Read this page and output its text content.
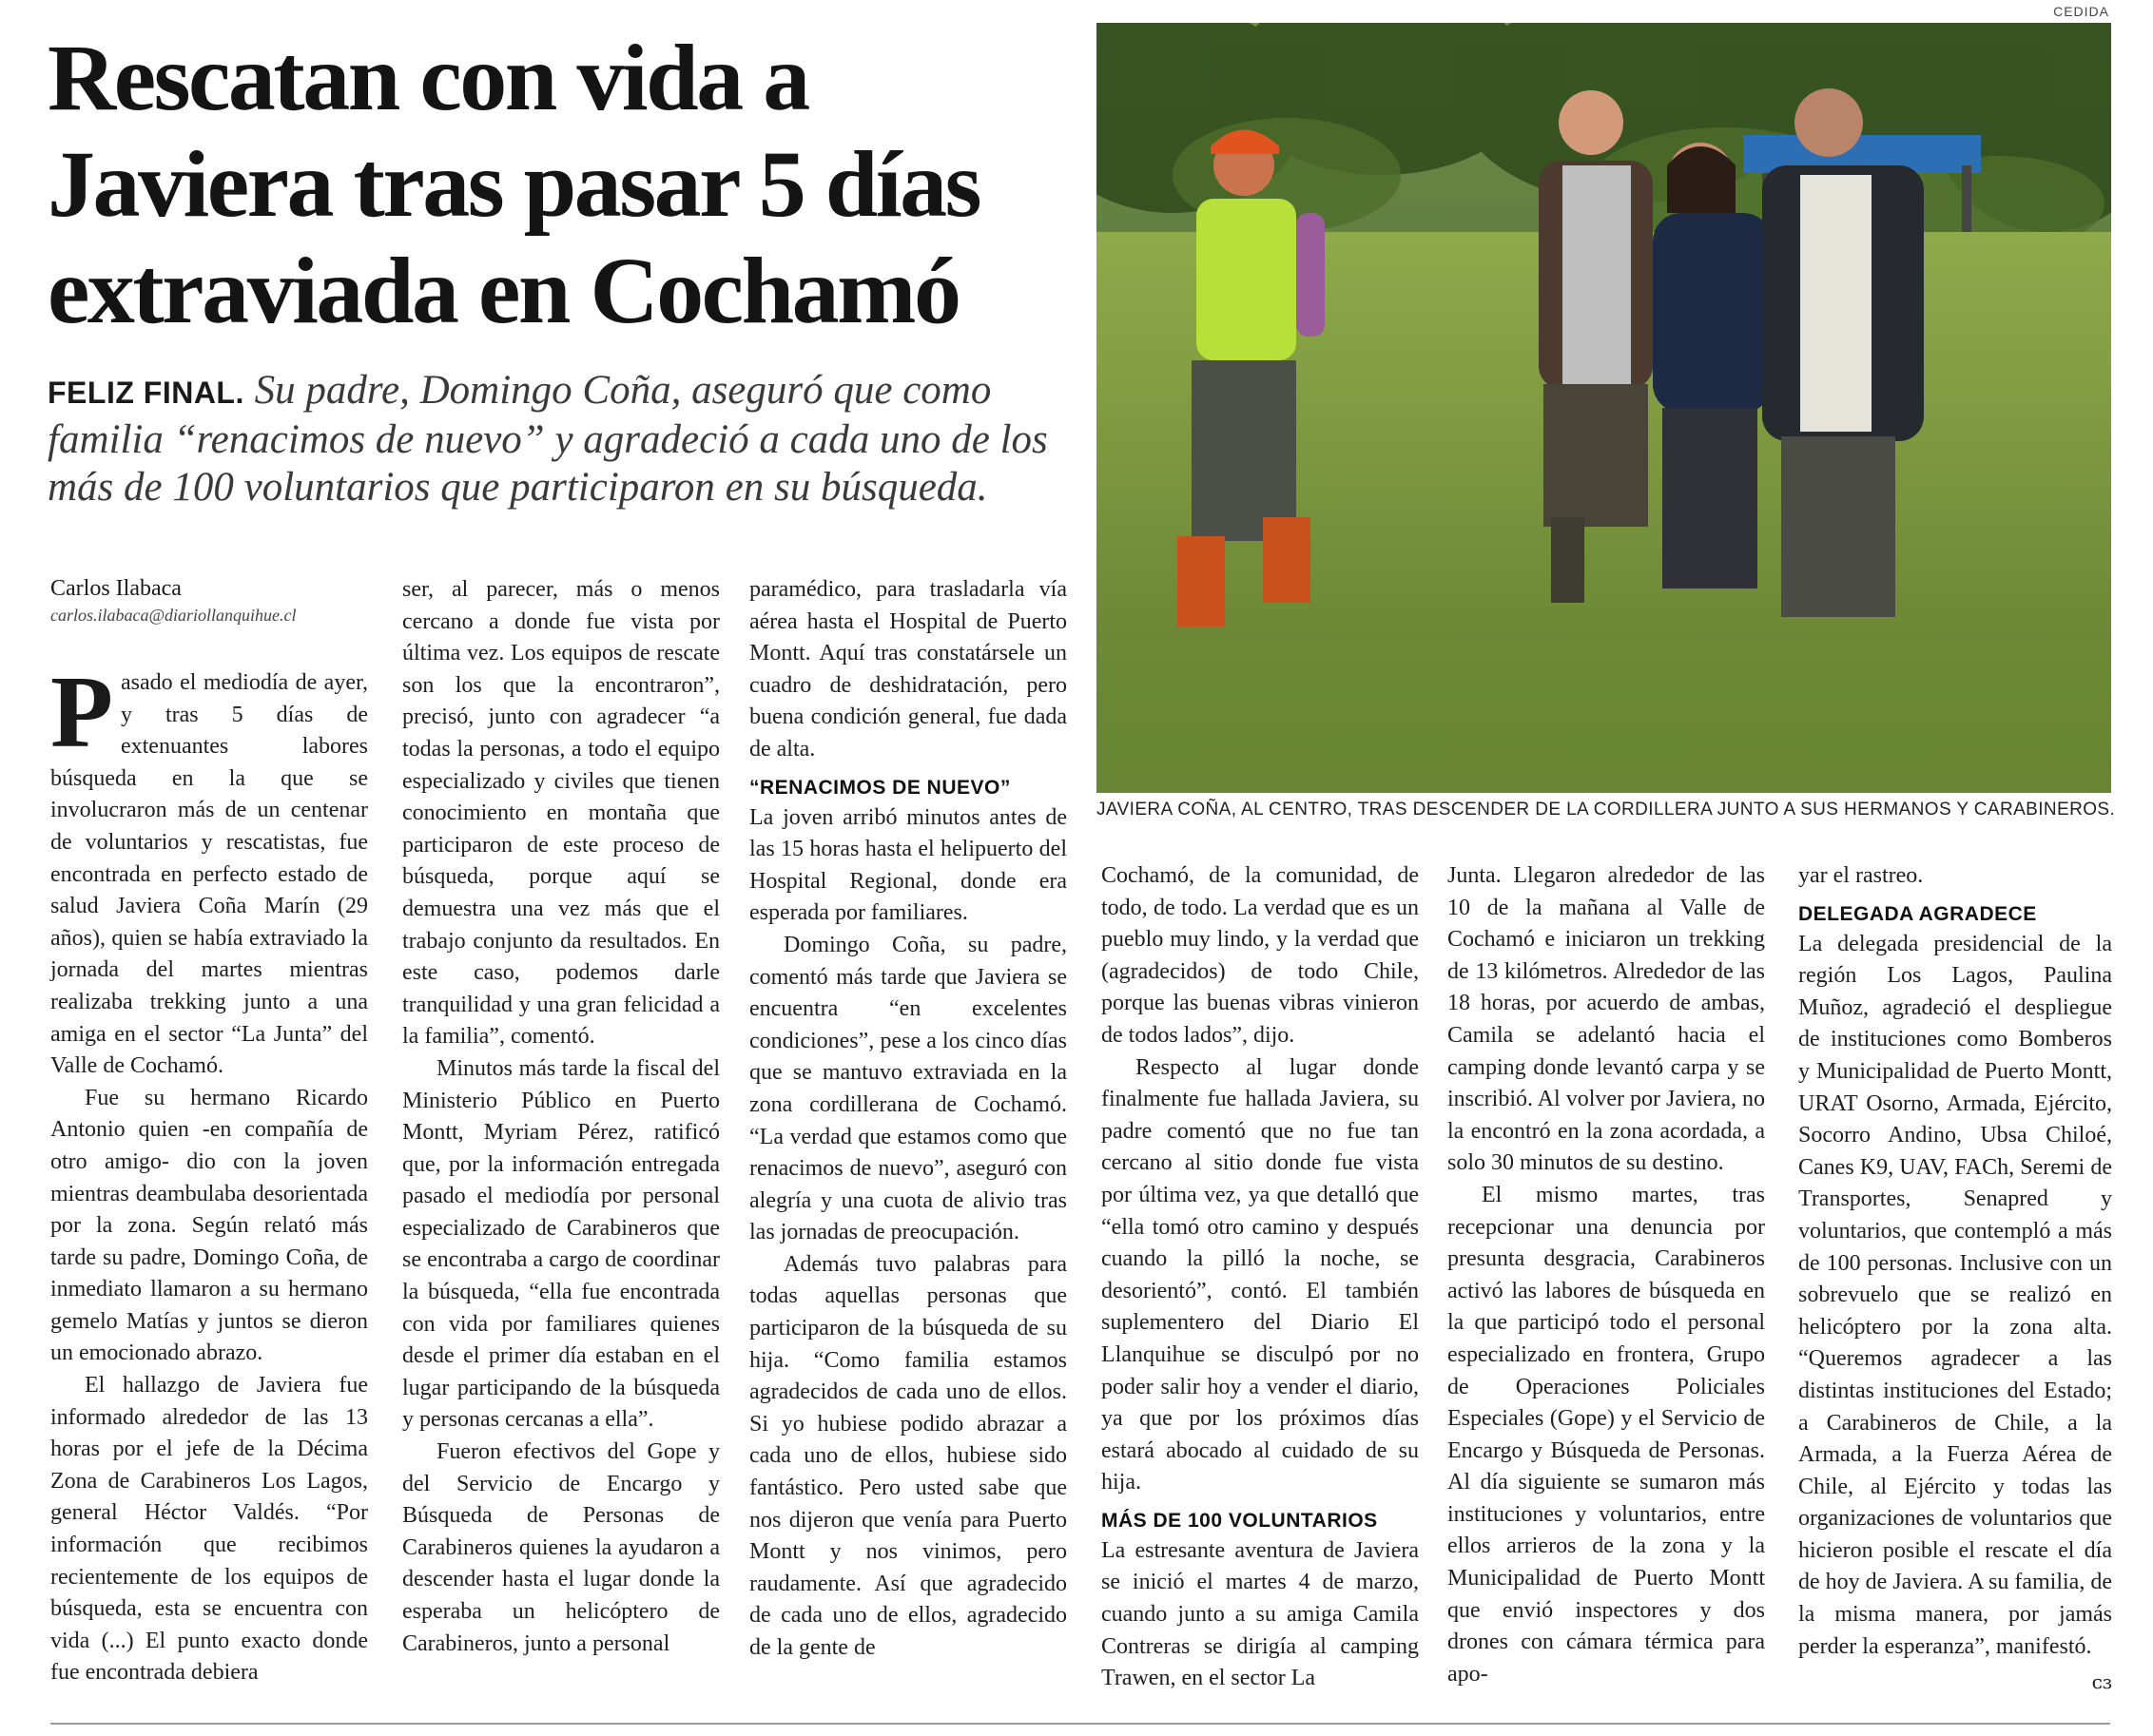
Rescatan con vida a
Javiera tras pasar 5 días
extraviada en Cochamó
FELIZ FINAL. Su padre, Domingo Coña, aseguró que como familia “renacimos de nuevo” y agradeció a cada uno de los más de 100 voluntarios que participaron en su búsqueda.
CEDIDA
JAVIERA COÑA, AL CENTRO, TRAS DESCENDER DE LA CORDILLERA JUNTO A SUS HERMANOS Y CARABINEROS.
Carlos Ilabaca
carlos.ilabaca@diariollanquihue.cl

Pasado el mediodía de ayer, y tras 5 días de extenuantes labores búsqueda en la que se involucraron más de un centenar de voluntarios y rescatistas, fue encontrada en perfecto estado de salud Javiera Coña Marín (29 años), quien se había extraviado la jornada del martes mientras realizaba trekking junto a una amiga en el sector “La Junta” del Valle de Cochamó.

Fue su hermano Ricardo Antonio quien -en compañía de otro amigo- dio con la joven mientras deambulaba desorientada por la zona. Según relató más tarde su padre, Domingo Coña, de inmediato llamaron a su hermano gemelo Matías y juntos se dieron un emocionado abrazo.

El hallazgo de Javiera fue informado alrededor de las 13 horas por el jefe de la Décima Zona de Carabineros Los Lagos, general Héctor Valdés. “Por información que recibimos recientemente de los equipos de búsqueda, esta se encuentra con vida (...) El punto exacto donde fue encontrada debiera

ser, al parecer, más o menos cercano a donde fue vista por última vez. Los equipos de rescate son los que la encontraron”, precisó, junto con agradecer “a todas la personas, a todo el equipo especializado y civiles que tienen conocimiento en montaña que participaron de este proceso de búsqueda, porque aquí se demuestra una vez más que el trabajo conjunto da resultados. En este caso, podemos darle tranquilidad y una gran felicidad a la familia”, comentó.

Minutos más tarde la fiscal del Ministerio Público en Puerto Montt, Myriam Pérez, ratificó que, por la información entregada pasado el mediodía por personal especializado de Carabineros que se encontraba a cargo de coordinar la búsqueda, “ella fue encontrada con vida por familiares quienes desde el primer día estaban en el lugar participando de la búsqueda y personas cercanas a ella”.

Fueron efectivos del Gope y del Servicio de Encargo y Búsqueda de Personas de Carabineros quienes la ayudaron a descender hasta el lugar donde la esperaba un helicóptero de Carabineros, junto a personal

paramédico, para trasladarla vía aérea hasta el Hospital de Puerto Montt. Aquí tras constatársele un cuadro de deshidratación, pero buena condición general, fue dada de alta.

“RENACIMOS DE NUEVO”

La joven arribó minutos antes de las 15 horas hasta el helipuerto del Hospital Regional, donde era esperada por familiares.

Domingo Coña, su padre, comentó más tarde que Javiera se encuentra “en excelentes condiciones”, pese a los cinco días que se mantuvo extraviada en la zona cordillerana de Cochamó. “La verdad que estamos como que renacimos de nuevo”, aseguró con alegría y una cuota de alivio tras las jornadas de preocupación.

Además tuvo palabras para todas aquellas personas que participaron de la búsqueda de su hija. “Como familia estamos agradecidos de cada uno de ellos. Si yo hubiese podido abrazar a cada uno de ellos, hubiese sido fantástico. Pero usted sabe que nos dijeron que venía para Puerto Montt y nos vinimos, pero raudamente. Así que agradecido de cada uno de ellos, agradecido de la gente de

Cochamó, de la comunidad, de todo, de todo. La verdad que es un pueblo muy lindo, y la verdad que (agradecidos) de todo Chile, porque las buenas vibras vinieron de todos lados”, dijo.

Respecto al lugar donde finalmente fue hallada Javiera, su padre comentó que no fue tan cercano al sitio donde fue vista por última vez, ya que detalló que “ella tomó otro camino y después cuando la pilló la noche, se desorientó”, contó. El también suplementero del Diario El Llanquihue se disculpó por no poder salir hoy a vender el diario, ya que por los próximos días estará abocado al cuidado de su hija.

MÁS DE 100 VOLUNTARIOS

La estresante aventura de Javiera se inició el martes 4 de marzo, cuando junto a su amiga Camila Contreras se dirigía al camping Trawen, en el sector La

Junta. Llegaron alrededor de las 10 de la mañana al Valle de Cochamó e iniciaron un trekking de 13 kilómetros. Alrededor de las 18 horas, por acuerdo de ambas, Camila se adelantó hacia el camping donde levantó carpa y se inscribió. Al volver por Javiera, no la encontró en la zona acordada, a solo 30 minutos de su destino.

El mismo martes, tras recepcionar una denuncia por presunta desgracia, Carabineros activó las labores de búsqueda en la que participó todo el personal especializado en frontera, Grupo de Operaciones Policiales Especiales (Gope) y el Servicio de Encargo y Búsqueda de Personas. Al día siguiente se sumaron más instituciones y voluntarios, entre ellos arrieros de la zona y la Municipalidad de Puerto Montt que envió inspectores y dos drones con cámara térmica para apo-

yar el rastreo.

DELEGADA AGRADECE

La delegada presidencial de la región Los Lagos, Paulina Muñoz, agradeció el despliegue de instituciones como Bomberos y Municipalidad de Puerto Montt, URAT Osorno, Armada, Ejército, Socorro Andino, Ubsa Chiloé, Canes K9, UAV, FACh, Seremi de Transportes, Senapred y voluntarios, que contempló a más de 100 personas. Inclusive con un sobrevuelo que se realizó en helicóptero por la zona alta. “Queremos agradecer a las distintas instituciones del Estado; a Carabineros de Chile, a la Armada, a la Fuerza Aérea de Chile, al Ejército y todas las organizaciones de voluntarios que hicieron posible el rescate el día de hoy de Javiera. A su familia, de la misma manera, por jamás perder la esperanza”, manifestó.

ᴄɜ
